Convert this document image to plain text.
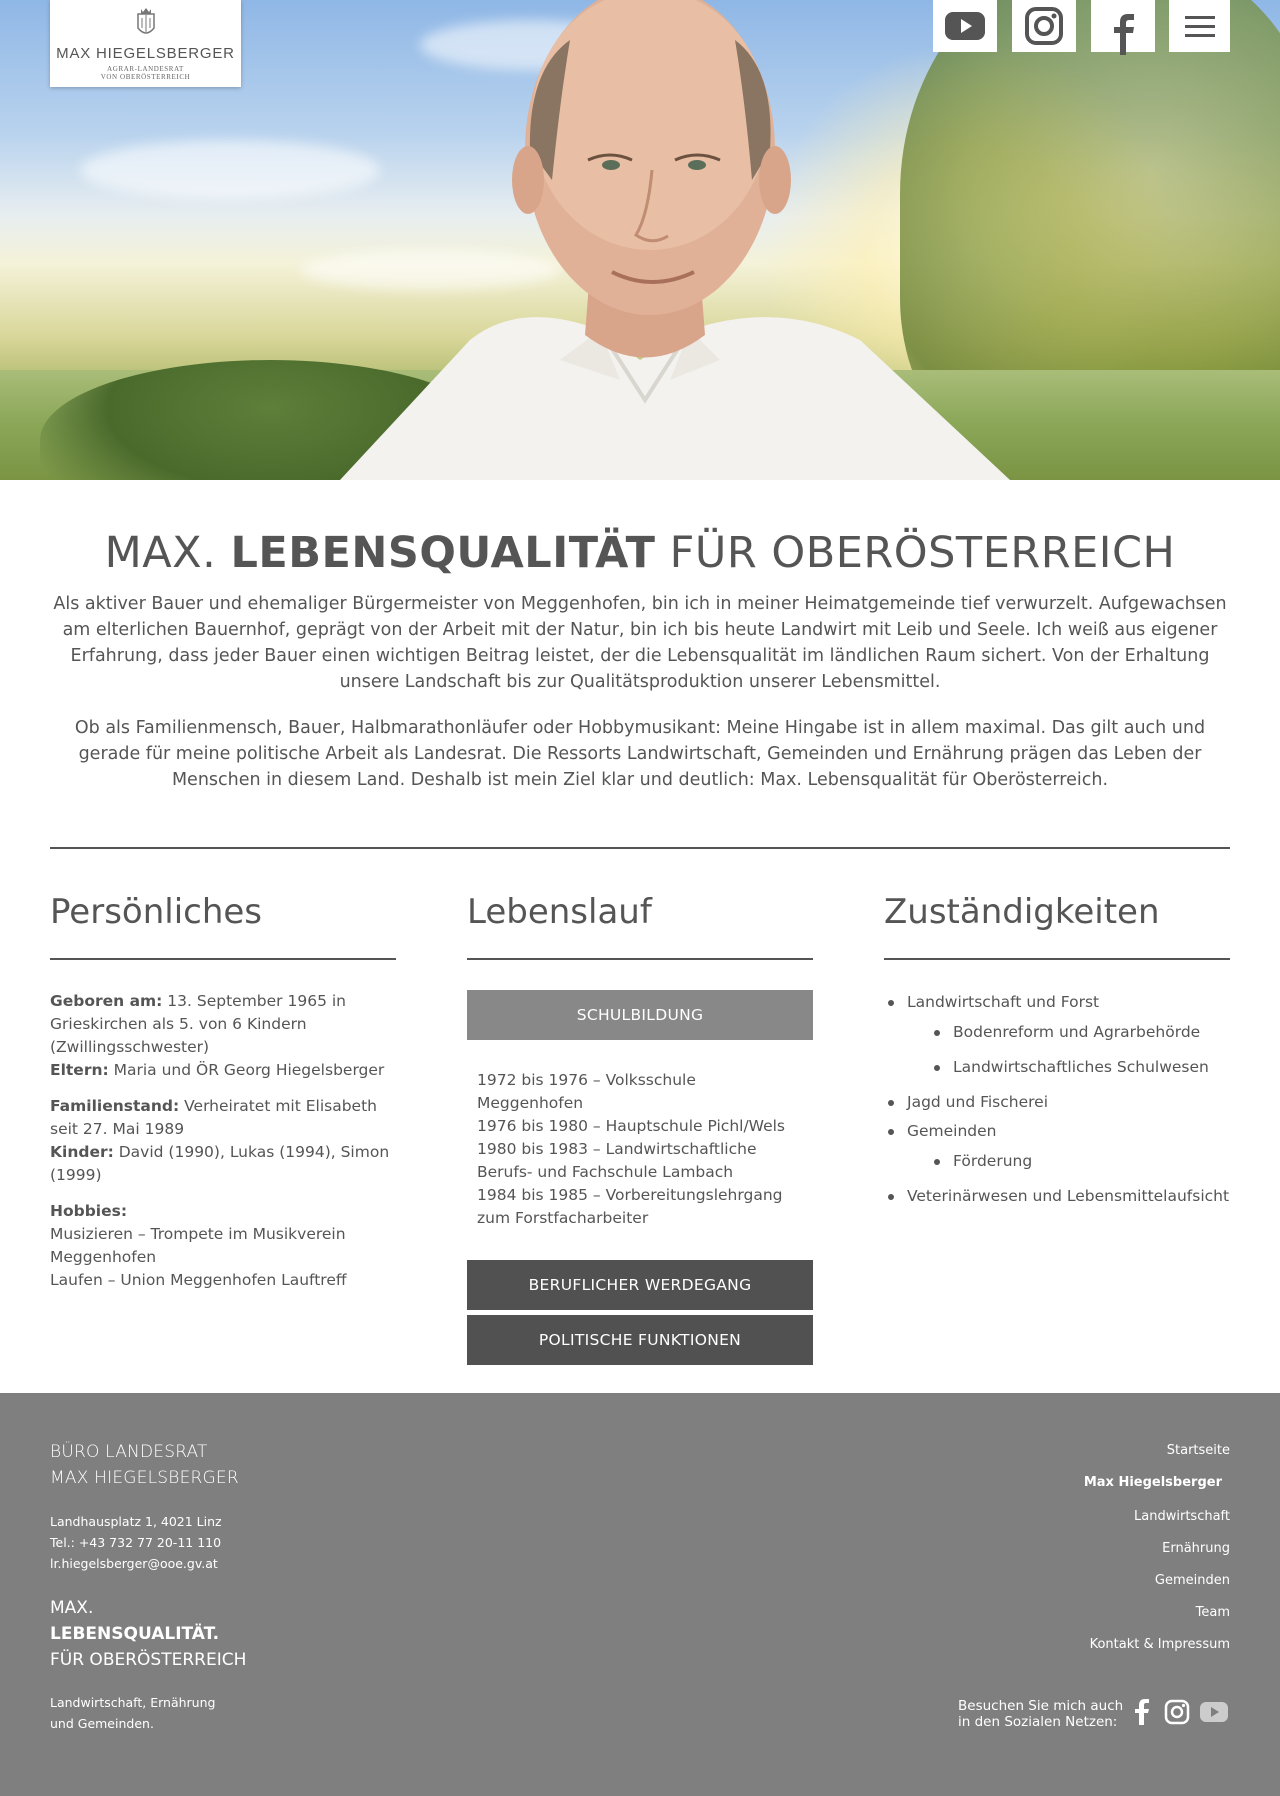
MAX HIEGELSBERGER
AGRAR-LANDESRAT
VON OBERÖSTERREICH
MAX. LEBENSQUALITÄT FÜR OBERÖSTERREICH

Als aktiver Bauer und ehemaliger Bürgermeister von Meggenhofen, bin ich in meiner Heimatgemeinde tief verwurzelt. Aufgewachsen am elterlichen Bauernhof, geprägt von der Arbeit mit der Natur, bin ich bis heute Landwirt mit Leib und Seele. Ich weiß aus eigener Erfahrung, dass jeder Bauer einen wichtigen Beitrag leistet, der die Lebensqualität im ländlichen Raum sichert. Von der Erhaltung unsere Landschaft bis zur Qualitätsproduktion unserer Lebensmittel.

Ob als Familienmensch, Bauer, Halbmarathonläufer oder Hobbymusikant: Meine Hingabe ist in allem maximal. Das gilt auch und gerade für meine politische Arbeit als Landesrat. Die Ressorts Landwirtschaft, Gemeinden und Ernährung prägen das Leben der Menschen in diesem Land. Deshalb ist mein Ziel klar und deutlich: Max. Lebensqualität für Oberösterreich.

Persönliches

Geboren am: 13. September 1965 in Grieskirchen als 5. von 6 Kindern (Zwillingsschwester)
Eltern: Maria und ÖR Georg Hiegelsberger

Familienstand: Verheiratet mit Elisabeth seit 27. Mai 1989
Kinder: David (1990), Lukas (1994), Simon (1999)

Hobbies:
Musizieren – Trompete im Musikverein Meggenhofen
Laufen – Union Meggenhofen Lauftreff

Lebenslauf
SCHULBILDUNG
1972 bis 1976 – Volksschule Meggenhofen
1976 bis 1980 – Hauptschule Pichl/Wels
1980 bis 1983 – Landwirtschaftliche Berufs- und Fachschule Lambach
1984 bis 1985 – Vorbereitungslehrgang zum Forstfacharbeiter
BERUFLICHER WERDEGANG
POLITISCHE FUNKTIONEN
Zuständigkeiten
Landwirtschaft und Forst
Bodenreform und Agrarbehörde
Landwirtschaftliches Schulwesen
Jagd und Fischerei
Gemeinden
Förderung
Veterinärwesen und Lebensmittelaufsicht
BÜRO LANDESRAT
MAX HIEGELSBERGER
Landhausplatz 1, 4021 Linz
Tel.: +43 732 77 20-11 110
lr.hiegelsberger@ooe.gv.at
MAX.
LEBENSQUALITÄT.
FÜR OBERÖSTERREICH
Landwirtschaft, Ernährung
und Gemeinden.
Startseite
Max Hiegelsberger
Landwirtschaft
Ernährung
Gemeinden
Team
Kontakt & Impressum
Besuchen Sie mich auch
in den Sozialen Netzen:
